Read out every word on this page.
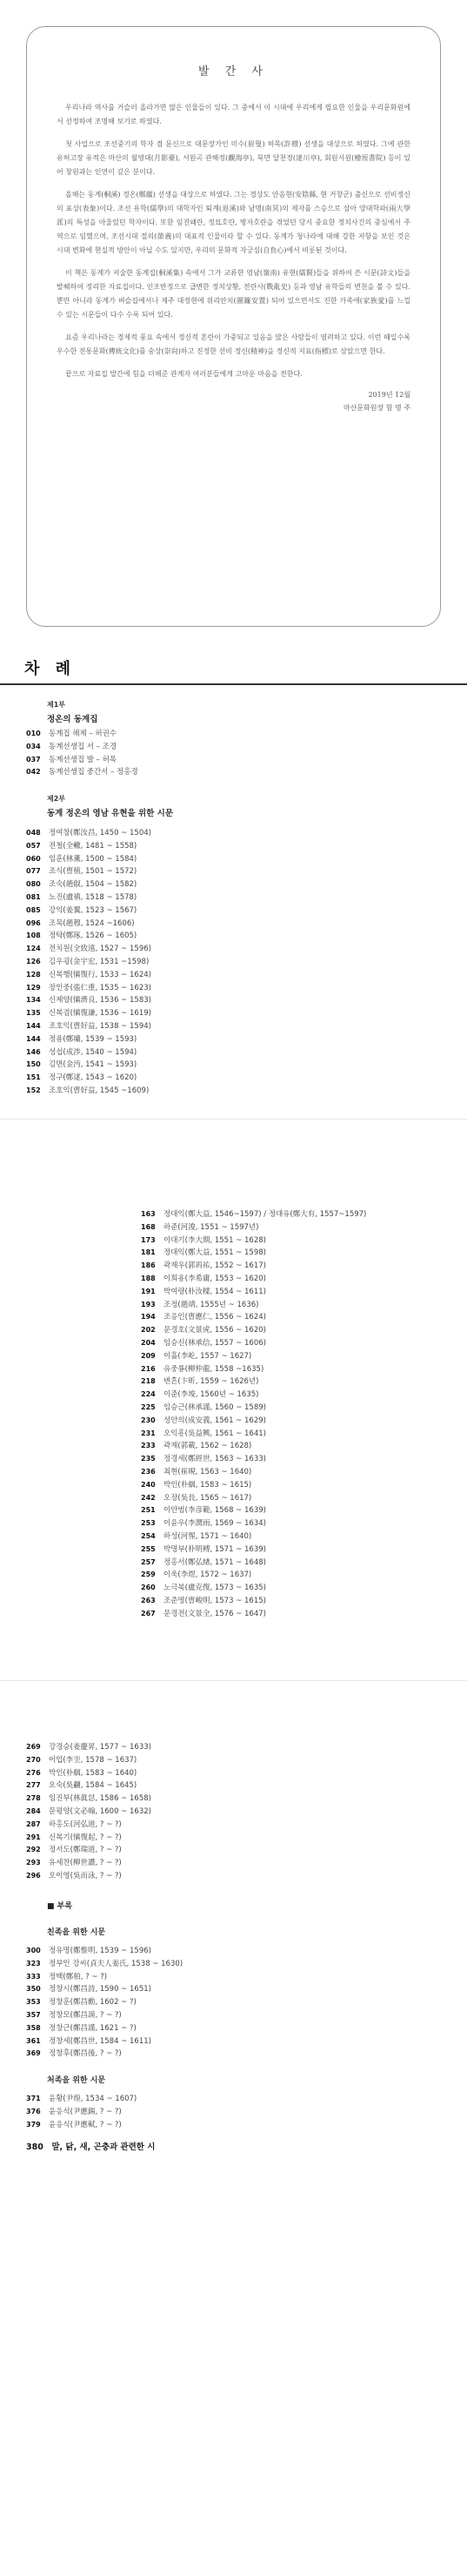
발 간 사

우리나라 역사를 거슬러 올라가면 많은 인물들이 있다. 그 중에서 이 시대에 우리에게 필요한 인물을 우리문화원에서 선정하여 조명해 보기로 하였다.

첫 사업으로 조선중기의 학자 겸 문신으로 대문장가인 미수(眉叟) 허목(許穆) 선생을 대상으로 하였다. 그에 관한 유허고장 유적은 마산의 월영대(月影臺), 서원곡 관해정(觀海亭), 북면 달천정(達川亭), 회원서원(檜原書院) 등이 있어 창원과는 인연이 깊은 분이다.

올해는 동계(桐溪) 정온(鄭蘊) 선생을 대상으로 하였다. 그는 경상도 안음현(安陰縣, 현 거창군) 출신으로 선비정신의 표상(表象)이다. 조선 유학(儒學)의 대학자인 퇴계(退溪)와 남명(南冥)의 제자를 스승으로 삼아 양대학파(兩大學派)의 특성을 아울렀던 학자이다. 또한 임진왜란, 정묘호란, 병자호란을 겪었던 당시 중요한 정치사건의 중심에서 주역으로 임했으며, 조선시대 절의(節義)의 대표적 인물이라 할 수 있다. 동계가 청나라에 대해 강한 저항을 보인 것은 시대 변화에 현실적 방안이 아닐 수도 있지만, 우리의 문화적 자긍심(自負心)에서 비롯된 것이다.

이 책은 동계가 저술한 동계집(桐溪集) 속에서 그가 교류한 영남(嶺南) 유현(儒賢)들을 위하여 쓴 시문(詩文)들을 발췌하여 정리한 자료집이다. 인조반정으로 급변한 정치상황, 전란사(戰亂史) 등과 영남 유학들의 변천을 볼 수 있다. 뿐만 아니라 동계가 벼슬길에서나 제주 대정현에 위리안치(圍籬安置) 되어 있으면서도 진한 가족애(家族愛)를 느낄 수 있는 시문들이 다수 수록 되어 있다.

요즘 우리나라는 경제적 풍요 속에서 정신적 혼란이 가중되고 있음을 많은 사람들이 염려하고 있다. 이런 때일수록 우수한 전통문화(傳統文化)를 숭상(崇尙)하고 진정한 선비 정신(精神)을 정신적 지표(指標)로 삼았으면 한다.

끝으로 자료집 발간에 힘을 더해준 관계자 여러분들에게 고마운 마음을 전한다.

2019년 12월

마산문화원장 함 명 주

차 례
제1부
정온의 동계집
010 동계집 해제 – 허권수
034 동계선생집 서 – 조경
037 동계선생집 발 – 허목
042 동계선생집 중간서 – 정홍경
제2부
동계 정온의 영남 유현을 위한 시문
048 정여창(鄭汝昌, 1450 ~ 1504)
057 전철(全轍, 1481 ~ 1558)
060 임훈(林薰, 1500 ~ 1584)
077 조식(曺植, 1501 ~ 1572)
080 조숙(趙俶, 1504 ~ 1582)
081 노진(盧禛, 1518 ~ 1578)
085 강익(姜翼, 1523 ~ 1567)
096 조목(趙穆, 1524 ~1606)
108 정탁(鄭琢, 1526 ~ 1605)
124 전치원(全致遠, 1527 ~ 1596)
126 김우굉(金宇宏, 1531 ~1598)
128 신복행(愼復行, 1533 ~ 1624)
129 장인중(張仁重, 1535 ~ 1623)
134 신제양(愼濟良, 1536 ~ 1583)
135 신복겸(愼復謙, 1536 ~ 1619)
144 조호익(曺好益, 1538 ~ 1594)
144 정용(鄭墉, 1539 ~ 1593)
146 성섭(成涉, 1540 ~ 1594)
150 김면(金沔, 1541 ~ 1593)
151 정구(鄭逑, 1543 ~ 1620)
152 조호익(曺好益, 1545 ~1609)
163 정대익(鄭大益, 1546~1597) / 정대유(鄭大有, 1557~1597)
168 하준(河浚, 1551 ~ 1597년)
173 이대기(李大期, 1551 ~ 1628)
181 정대익(鄭大益, 1551 ~ 1598)
186 곽재우(郭再祐, 1552 ~ 1617)
188 이희용(李希庸, 1553 ~ 1620)
191 박여량(朴汝樑, 1554 ~ 1611)
193 조정(趙靖, 1555년 ~ 1636)
194 조응인(曺應仁, 1556 ~ 1624)
202 문경호(文景虎, 1556 ~ 1620)
204 임승신(林承信, 1557 ~ 1606)
209 이흘(李屹, 1557 ~ 1627)
216 유중룡(柳仲龍, 1558 ~1635)
218 변흔(卞昕, 1559 ~ 1626년)
224 이준(李埈, 1560년 ~ 1635)
225 임승근(林承謹, 1560 ~ 1589)
230 성안의(成安義, 1561 ~ 1629)
231 오익흥(吳益興, 1561 ~ 1641)
233 곽재(郭載, 1562 ~ 1628)
235 정경세(鄭經世, 1563 ~ 1633)
236 최현(崔晛, 1563 ~ 1640)
240 박인(朴絪, 1583 ~ 1615)
242 오장(吳長, 1565 ~ 1617)
251 이안범(李彦範, 1568 ~ 1639)
253 이윤우(李潤雨, 1569 ~ 1634)
254 하성(河惺, 1571 ~ 1640)
255 박명부(朴明榑, 1571 ~ 1639)
257 정홍서(鄭弘緖, 1571 ~ 1648)
259 이욱(李煜, 1572 ~ 1637)
260 노극복(盧克復, 1573 ~ 1635)
263 조준명(曺峻明, 1573 ~ 1615)
267 문경전(文景全, 1576 ~ 1647)
269 강경승(姜慶昇, 1577 ~ 1633)
270 이입(李岦, 1578 ~ 1637)
276 박인(朴絪, 1583 ~ 1640)
277 오숙(吳䎘, 1584 ~ 1645)
278 임진부(林眞怤, 1586 ~ 1658)
284 문평양(文必翰, 1600 ~ 1632)
287 하홍도(河弘道, ? ~ ?)
291 신복기(愼復起, ? ~ ?)
292 정서도(鄭瑞道, ? ~ ?)
293 유세찬(柳世讚, ? ~ ?)
296 오이영(吳而泳, ? ~ ?)
■ 부록
친족을 위한 시문
300 정유명(鄭惟明, 1539 ~ 1596)
323 정부인 강씨(貞夫人姜氏, 1538 ~ 1630)
333 정백(鄭柏, ? ~ ?)
350 정창시(鄭昌詩, 1590 ~ 1651)
353 정창훈(鄭昌勳, 1602 ~ ?)
357 정창모(鄭昌謨, ? ~ ?)
358 정창근(鄭昌謹, 1621 ~ ?)
361 정창세(鄭昌世, 1584 ~ 1611)
369 정창후(鄭昌後, ? ~ ?)
처족을 위한 시문
371 윤황(尹煌, 1534 ~ 1607)
376 윤응석(尹應錫, ? ~ ?)
379 윤응식(尹應軾, ? ~ ?)
380 말, 닭, 새, 곤충과 관련한 시
